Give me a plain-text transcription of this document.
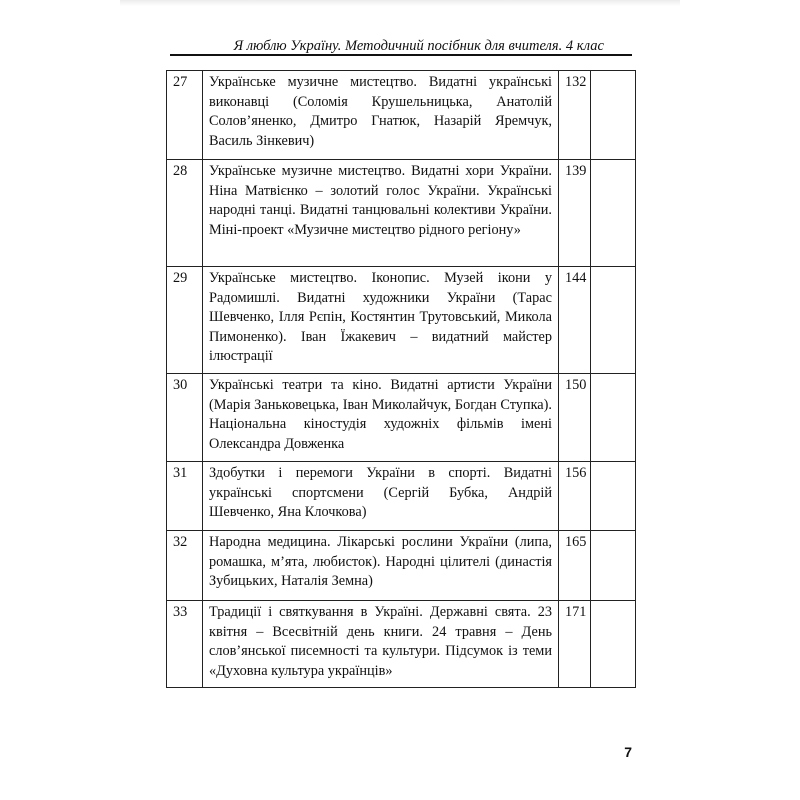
Я люблю Україну. Методичний посібник для вчителя. 4 клас
27	Українське музичне мистецтво. Видатні українські виконавці (Соломія Крушельницька, Анатолій Солов’яненко, Дмитро Гнатюк, Назарій Яремчук, Василь Зінкевич)	132	
28	Українське музичне мистецтво. Видатні хори України. Ніна Матвієнко – золотий голос України. Українські народні танці. Видатні танцювальні колективи України. Міні-проект «Музичне мистецтво рідного регіону»	139	
29	Українське мистецтво. Іконопис. Музей ікони у Радомишлі. Видатні художники України (Тарас Шевченко, Ілля Рєпін, Костянтин Трутовський, Микола Пимоненко). Іван Їжакевич – видатний майстер ілюстрації	144	
30	Українські театри та кіно. Видатні артисти України (Марія Заньковецька, Іван Миколайчук, Богдан Ступка). Національна кіностудія художніх фільмів імені Олександра Довженка	150	
31	Здобутки і перемоги України в спорті. Видатні українські спортсмени (Сергій Бубка, Андрій Шевченко, Яна Клочкова)	156	
32	Народна медицина. Лікарські рослини України (липа, ромашка, м’ята, любисток). Народні цілителі (династія Зубицьких, Наталія Земна)	165	
33	Традиції і святкування в Україні. Державні свята. 23 квітня – Всесвітній день книги. 24 травня – День слов’янської писемності та культури. Підсумок із теми «Духовна культура українців»	171	
7
